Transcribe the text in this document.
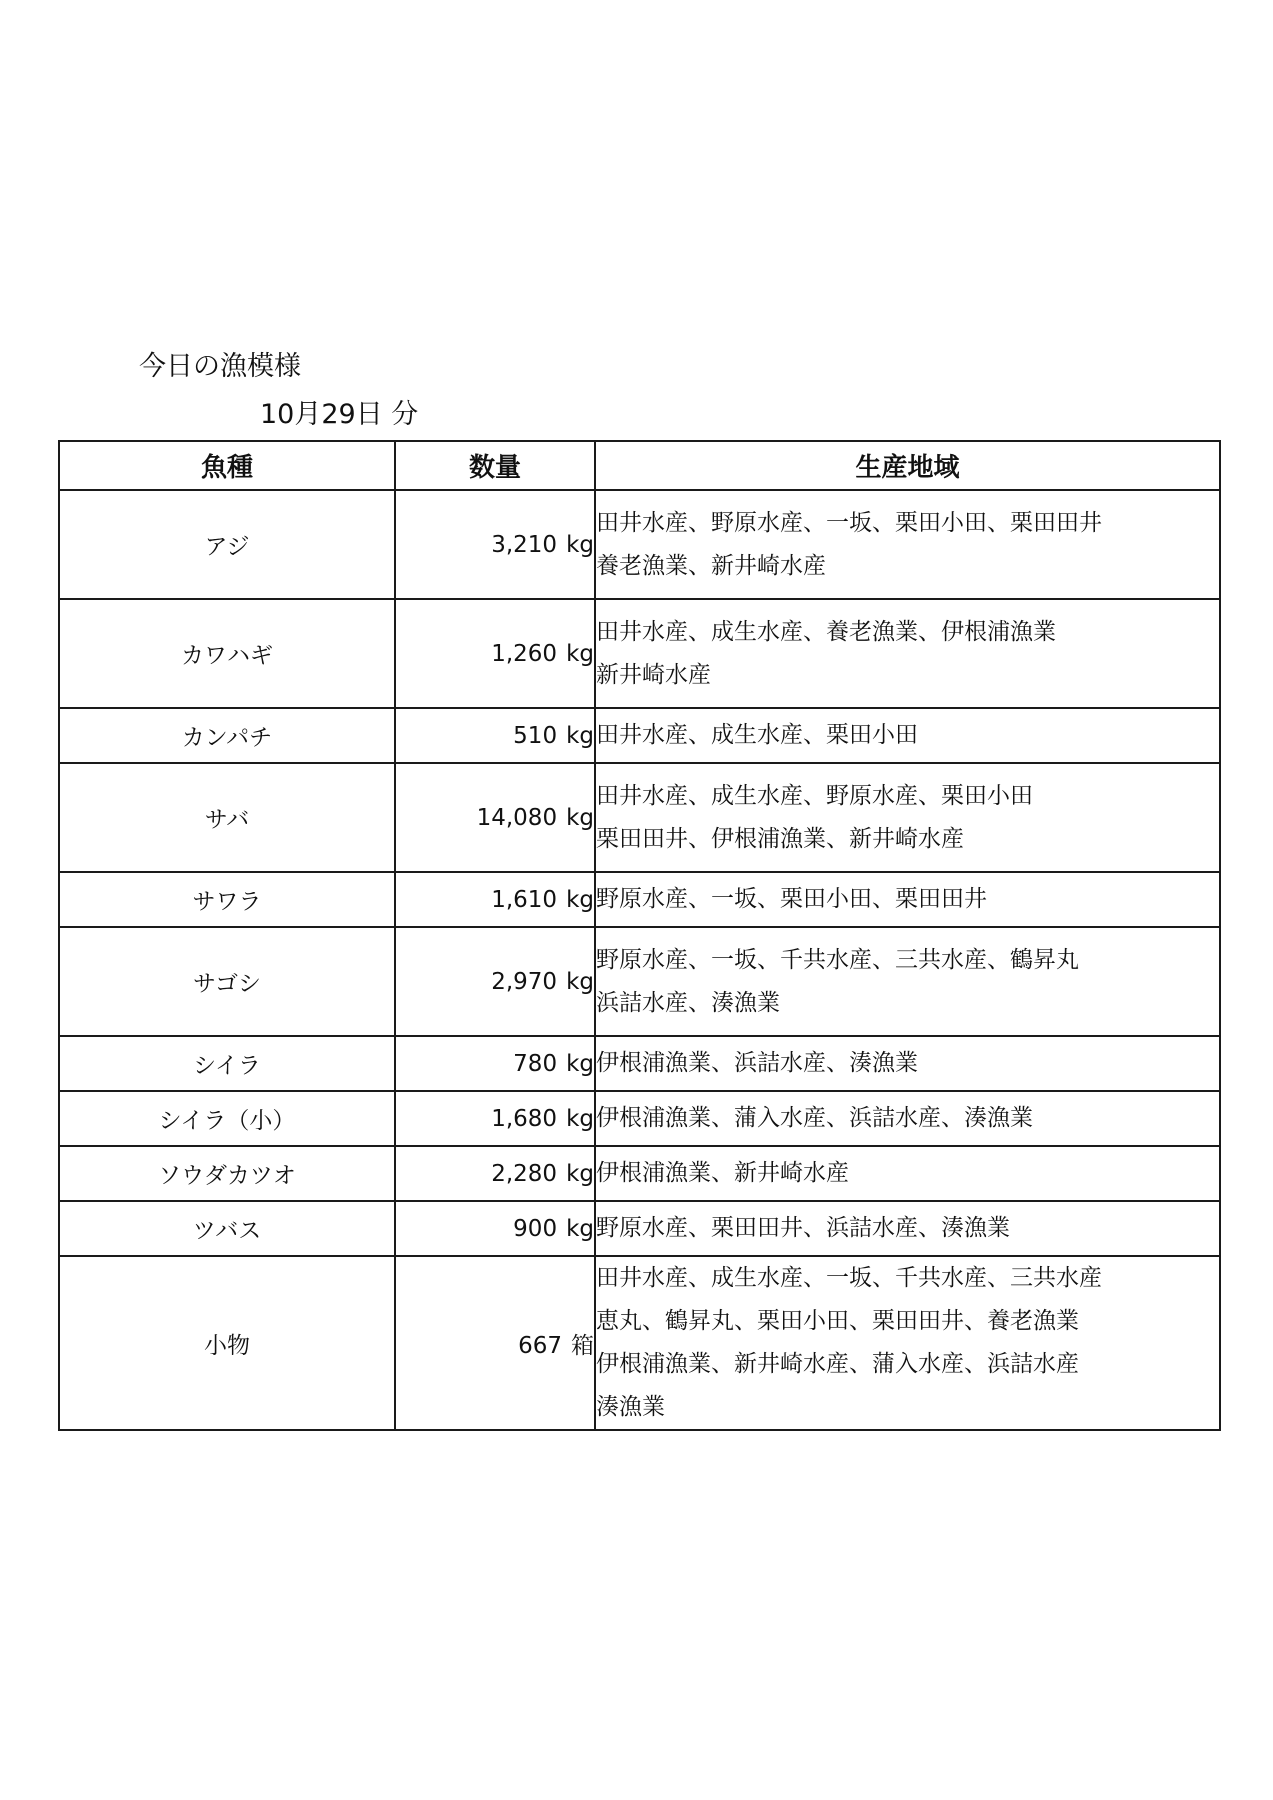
今日の漁模様
10月29日 分
魚種	数量	生産地域
アジ	3,210 kg	田井水産、野原水産、一坂、栗田小田、栗田田井
養老漁業、新井崎水産

カワハギ	1,260 kg	田井水産、成生水産、養老漁業、伊根浦漁業
新井崎水産

カンパチ	510 kg	田井水産、成生水産、栗田小田

サバ	14,080 kg	田井水産、成生水産、野原水産、栗田小田
栗田田井、伊根浦漁業、新井崎水産

サワラ	1,610 kg	野原水産、一坂、栗田小田、栗田田井

サゴシ	2,970 kg	野原水産、一坂、千共水産、三共水産、鶴昇丸
浜詰水産、湊漁業

シイラ	780 kg	伊根浦漁業、浜詰水産、湊漁業

シイラ（小）	1,680 kg	伊根浦漁業、蒲入水産、浜詰水産、湊漁業

ソウダカツオ	2,280 kg	伊根浦漁業、新井崎水産

ツバス	900 kg	野原水産、栗田田井、浜詰水産、湊漁業

小物	667 箱	田井水産、成生水産、一坂、千共水産、三共水産
恵丸、鶴昇丸、栗田小田、栗田田井、養老漁業
伊根浦漁業、新井崎水産、蒲入水産、浜詰水産
湊漁業
